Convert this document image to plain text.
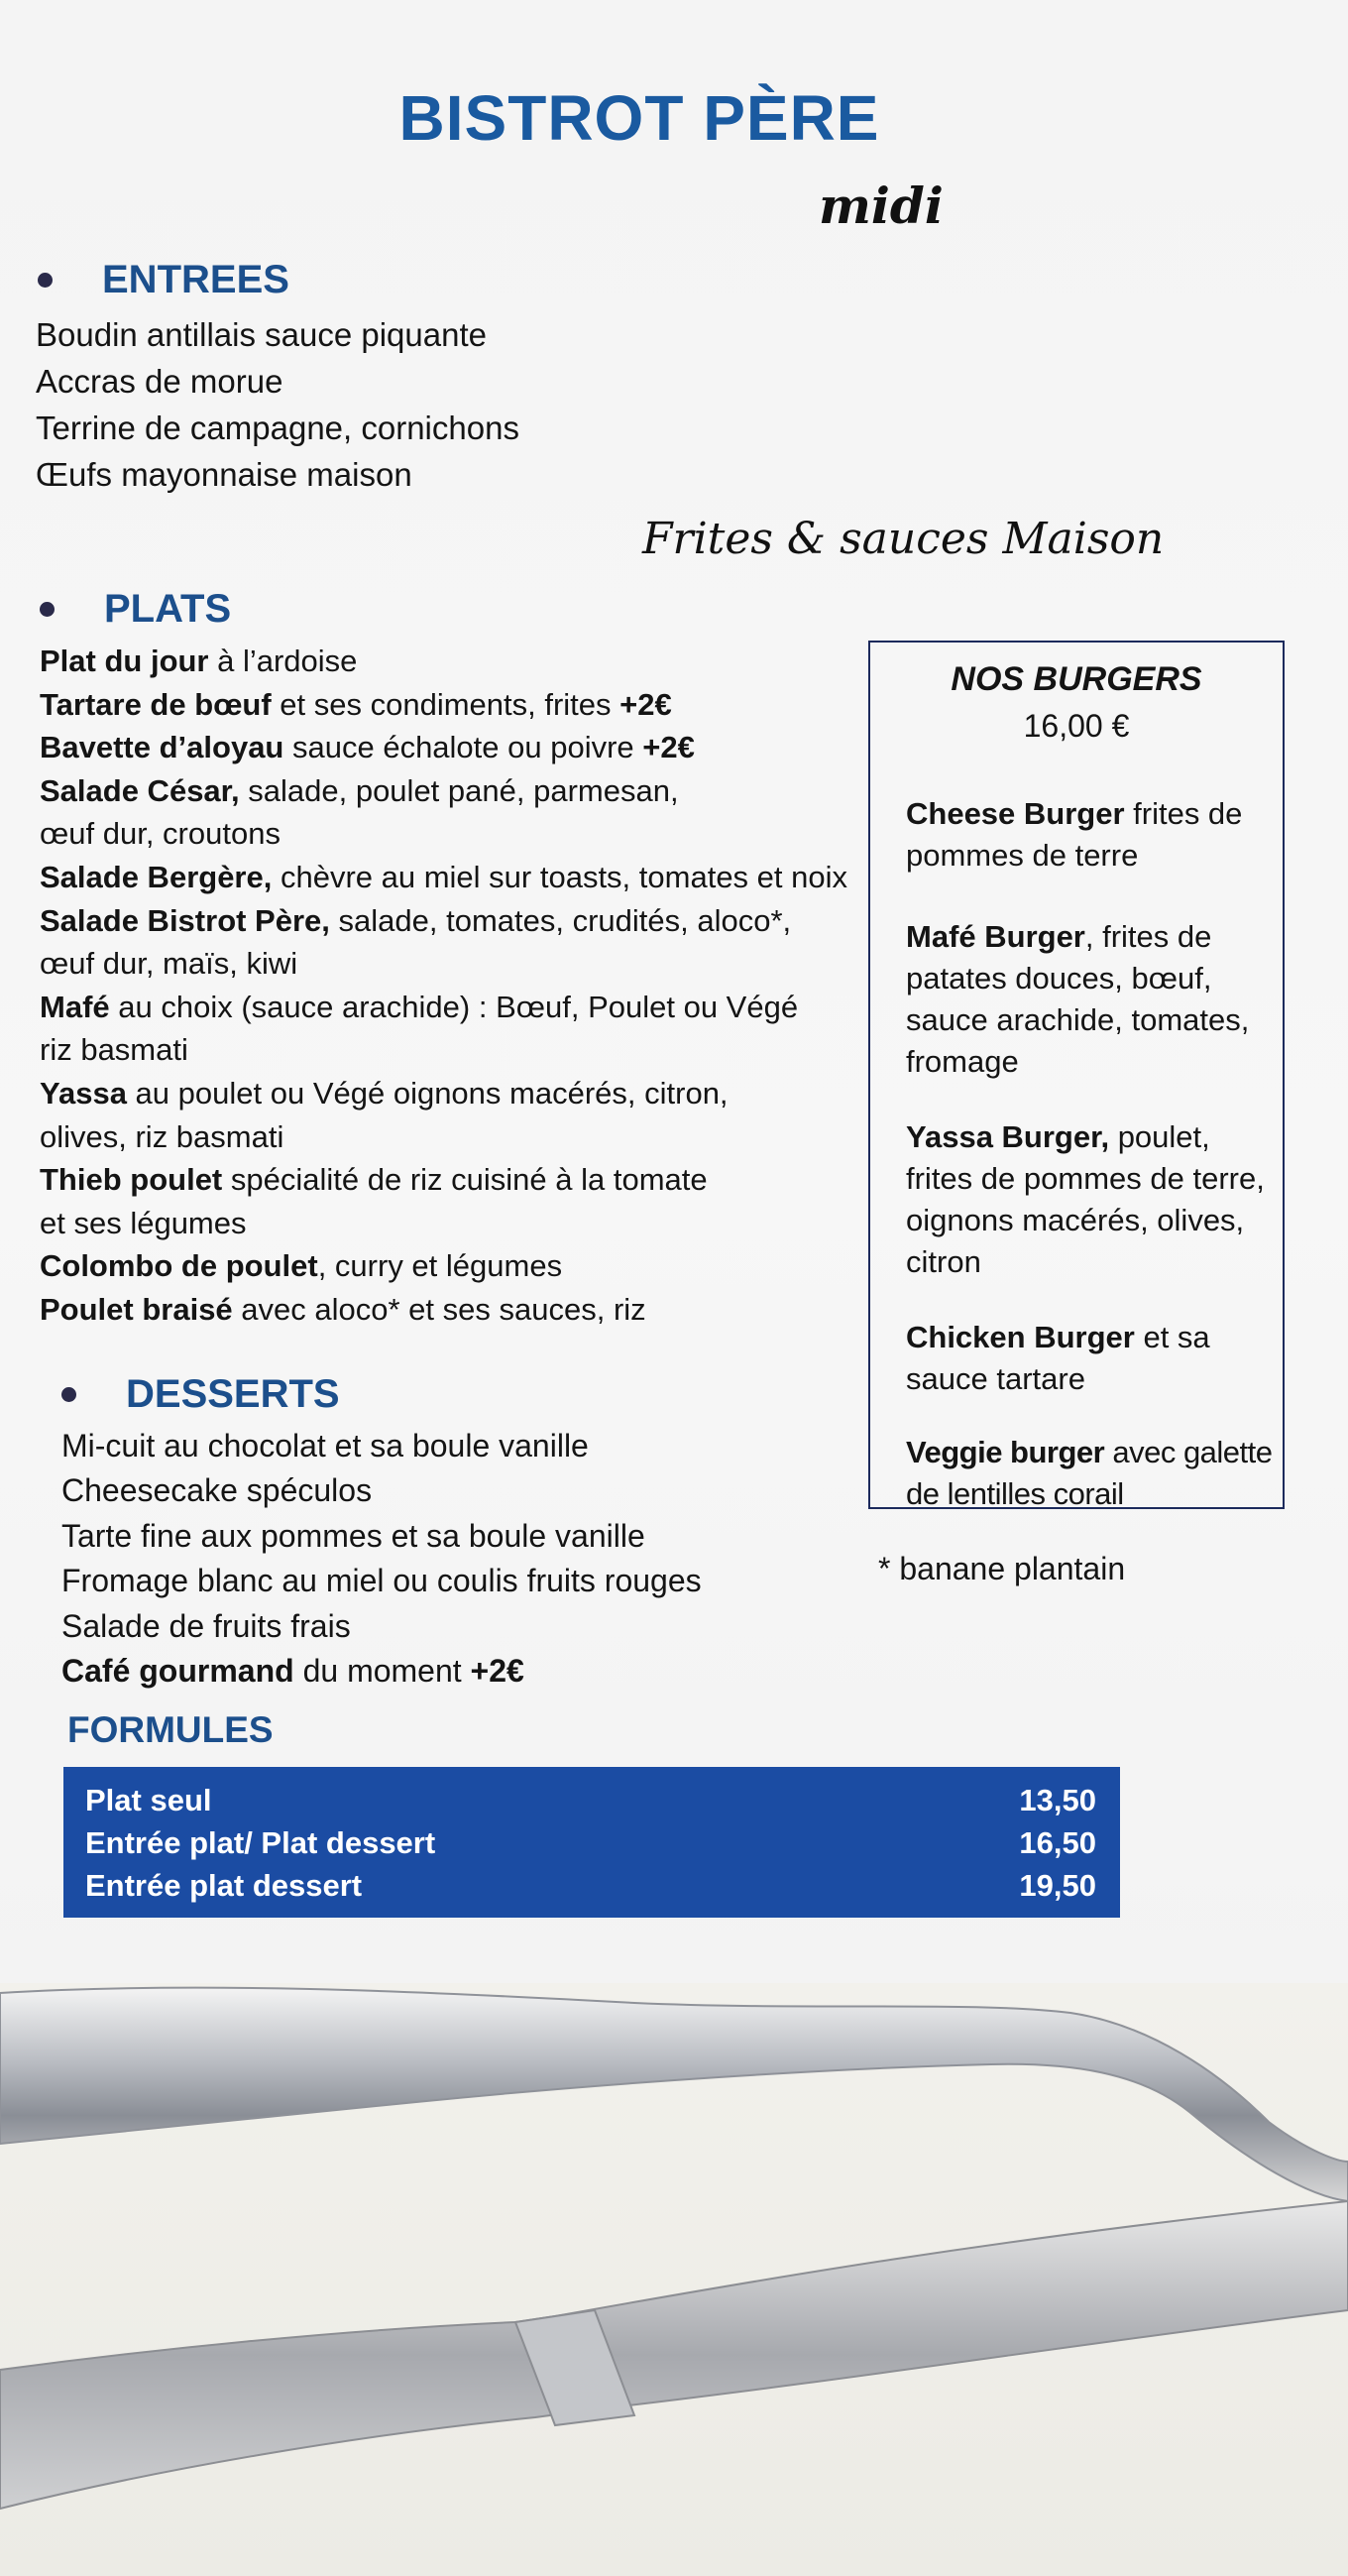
BISTROT PÈRE
midi
ENTREES
Boudin antillais sauce piquante
Accras de morue
Terrine de campagne, cornichons
Œufs mayonnaise maison
Frites & sauces Maison
PLATS
Plat du jour à l’ardoise
Tartare de bœuf et ses condiments, frites +2€
Bavette d’aloyau sauce échalote ou poivre +2€
Salade César, salade, poulet pané, parmesan,
œuf dur, croutons
Salade Bergère, chèvre au miel sur toasts, tomates et noix
Salade Bistrot Père, salade, tomates, crudités, aloco*,
œuf dur, maïs, kiwi
Mafé au choix (sauce arachide) : Bœuf, Poulet ou Végé
riz basmati
Yassa au poulet ou Végé oignons macérés, citron,
olives, riz basmati
Thieb poulet spécialité de riz cuisiné à la tomate
et ses légumes
Colombo de poulet, curry et légumes
Poulet braisé avec aloco* et ses sauces, riz
NOS BURGERS
16,00 €
Cheese Burger frites de pommes de terre
Mafé Burger, frites de patates douces, bœuf, sauce arachide, tomates, fromage
Yassa Burger, poulet, frites de pommes de terre, oignons macérés, olives, citron
Chicken Burger et sa sauce tartare
Veggie burger avec galette de lentilles corail
* banane plantain
DESSERTS
Mi-cuit au chocolat et sa boule vanille
Cheesecake spéculos
Tarte fine aux pommes et sa boule vanille
Fromage blanc au miel ou coulis fruits rouges
Salade de fruits frais
Café gourmand du moment +2€
FORMULES
Plat seul	13,50
Entrée plat/ Plat dessert	16,50
Entrée plat dessert	19,50
